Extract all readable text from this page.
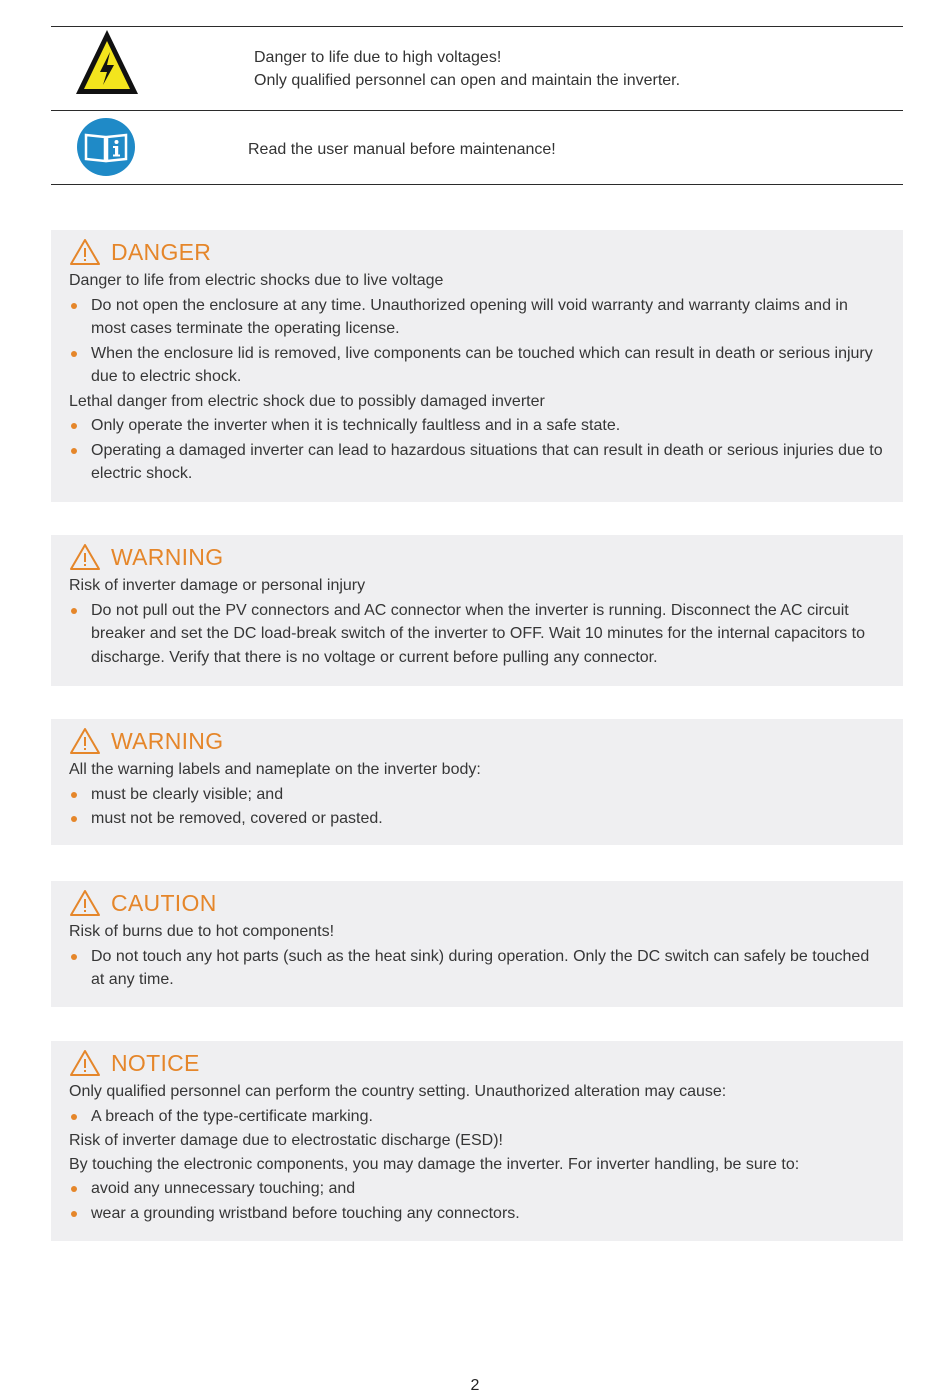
Danger to life due to high voltages!
Only qualified personnel can open and maintain the inverter.
Read the user manual before maintenance!
DANGER

Danger to life from electric shocks due to live voltage

Do not open the enclosure at any time. Unauthorized opening will void warranty and warranty claims and in most cases terminate the operating license.
When the enclosure lid is removed, live components can be touched which can result in death or serious injury due to electric shock.

Lethal danger from electric shock due to possibly damaged inverter

Only operate the inverter when it is technically faultless and in a safe state.
Operating a damaged inverter can lead to hazardous situations that can result in death or serious injuries due to electric shock.
WARNING

Risk of inverter damage or personal injury

Do not pull out the PV connectors and AC connector when the inverter is running. Disconnect the AC circuit breaker and set the DC load-break switch of the inverter to OFF. Wait 10 minutes for the internal capacitors to discharge. Verify that there is no voltage or current before pulling any connector.
WARNING

All the warning labels and nameplate on the inverter body:

must be clearly visible; and
must not be removed, covered or pasted.
CAUTION

Risk of burns due to hot components!

Do not touch any hot parts (such as the heat sink) during operation. Only the DC switch can safely be touched at any time.
NOTICE

Only qualified personnel can perform the country setting. Unauthorized alteration may cause:

A breach of the type-certificate marking.

Risk of inverter damage due to electrostatic discharge (ESD)!

By touching the electronic components, you may damage the inverter. For inverter handling, be sure to:

avoid any unnecessary touching; and
wear a grounding wristband before touching any connectors.
2
